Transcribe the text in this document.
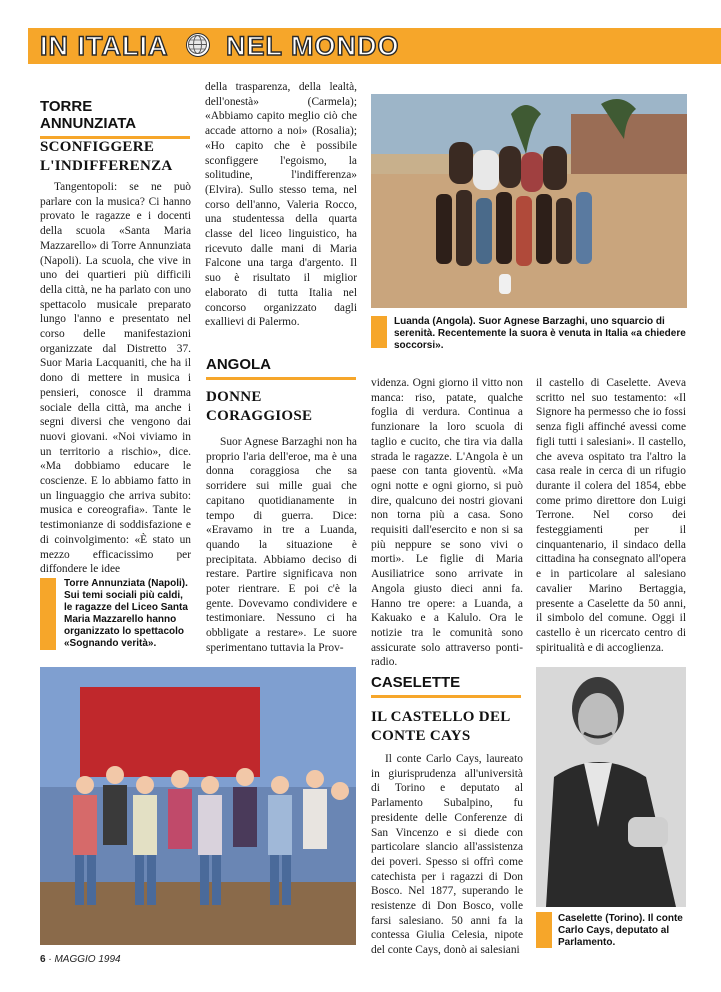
IN ITALIA NEL MONDO
TORRE ANNUNZIATA
SCONFIGGERE L'INDIFFERENZA

Tangentopoli: se ne può parlare con la musica? Ci hanno provato le ragazze e i docenti della scuola «Santa Maria Mazzarello» di Torre Annunziata (Napoli). La scuola, che vive in uno dei quartieri più difficili della città, ne ha parlato con uno spettacolo musicale preparato lungo l'anno e presentato nel corso delle manifestazioni organizzate dal Distretto 37. Suor Maria Lacquaniti, che ha il dono di mettere in musica i pensieri, conosce il dramma sociale della città, ma anche i segni diversi che vengono dai nuovi giovani. «Noi viviamo in un territorio a rischio», dice. «Ma dobbiamo educare le coscienze. E lo abbiamo fatto in un linguaggio che arriva subito: musica e coreografia». Tante le testimonianze di soddisfazione e di coinvolgimento: «È stato un mezzo efficacissimo per diffondere le idee

Torre Annunziata (Napoli). Sui temi sociali più caldi, le ragazze del Liceo Santa Maria Mazzarello hanno organizzato lo spettacolo «Sognando verità».

della trasparenza, della lealtà, dell'onestà» (Carmela); «Abbiamo capito meglio ciò che accade attorno a noi» (Rosalia); «Ho capito che è possibile sconfiggere l'egoismo, la solitudine, l'indifferenza» (Elvira). Sullo stesso tema, nel corso dell'anno, Valeria Rocco, una studentessa della quarta classe del liceo linguistico, ha ricevuto dalle mani di Maria Falcone una targa d'argento. Il suo è risultato il miglior elaborato di tutta Italia nel concorso organizzato dagli exallievi di Palermo.	Luanda (Angola). Suor Agnese Barzaghi, uno squarcio di serenità. Recentemente la suora è venuta in Italia «a chiedere soccorsi».
ANGOLA
DONNE CORAGGIOSE

Suor Agnese Barzaghi non ha proprio l'aria dell'eroe, ma è una donna coraggiosa che sa sorridere sui mille guai che capitano quotidianamente in tempo di guerra. Dice: «Eravamo in tre a Luanda, quando la situazione è precipitata. Abbiamo deciso di restare. Partire significava non poter rientrare. E poi c'è la gente. Dovevamo condividere e testimoniare. Nessuno ci ha obbligate a restare». Le suore sperimentano tuttavia la Prov-

videnza. Ogni giorno il vitto non manca: riso, patate, qualche foglia di verdura. Continua a funzionare la loro scuola di taglio e cucito, che tira via dalla strada le ragazze. L'Angola è un paese con tanta gioventù. «Ma ogni notte e ogni giorno, si può dire, qualcuno dei nostri giovani non torna più a casa. Sono requisiti dall'esercito e non si sa più neppure se sono vivi o morti». Le figlie di Maria Ausiliatrice sono arrivate in Angola giusto dieci anni fa. Hanno tre opere: a Luanda, a Kakuako e a Kalulo. Ora le notizie tra le comunità sono assicurate solo attraverso ponti-radio.

il castello di Caselette. Aveva scritto nel suo testamento: «Il Signore ha permesso che io fossi senza figli affinché avessi come figli tutti i salesiani». Il castello, che aveva ospitato tra l'altro la casa reale in cerca di un rifugio durante il colera del 1854, ebbe come primo direttore don Luigi Terrone. Nel corso dei festeggiamenti per il cinquantenario, il sindaco della cittadina ha consegnato all'opera e in particolare al salesiano cavalier Marino Bertaggia, presente a Caselette da 50 anni, il simbolo del comune. Oggi il castello è un ricercato centro di spiritualità e di accoglienza.

CASELETTE
IL CASTELLO DEL CONTE CAYS

Il conte Carlo Cays, laureato in giurisprudenza all'università di Torino e deputato al Parlamento Subalpino, fu presidente delle Conferenze di San Vincenzo e si diede con particolare slancio all'assistenza dei poveri. Spesso si offrì come catechista per i ragazzi di Don Bosco. Nel 1877, superando le resistenze di Don Bosco, volle farsi salesiano. 50 anni fa la contessa Giulia Celesia, nipote del conte Cays, donò ai salesiani

Caselette (Torino). Il conte Carlo Cays, deputato al Parlamento.
6 · MAGGIO 1994
